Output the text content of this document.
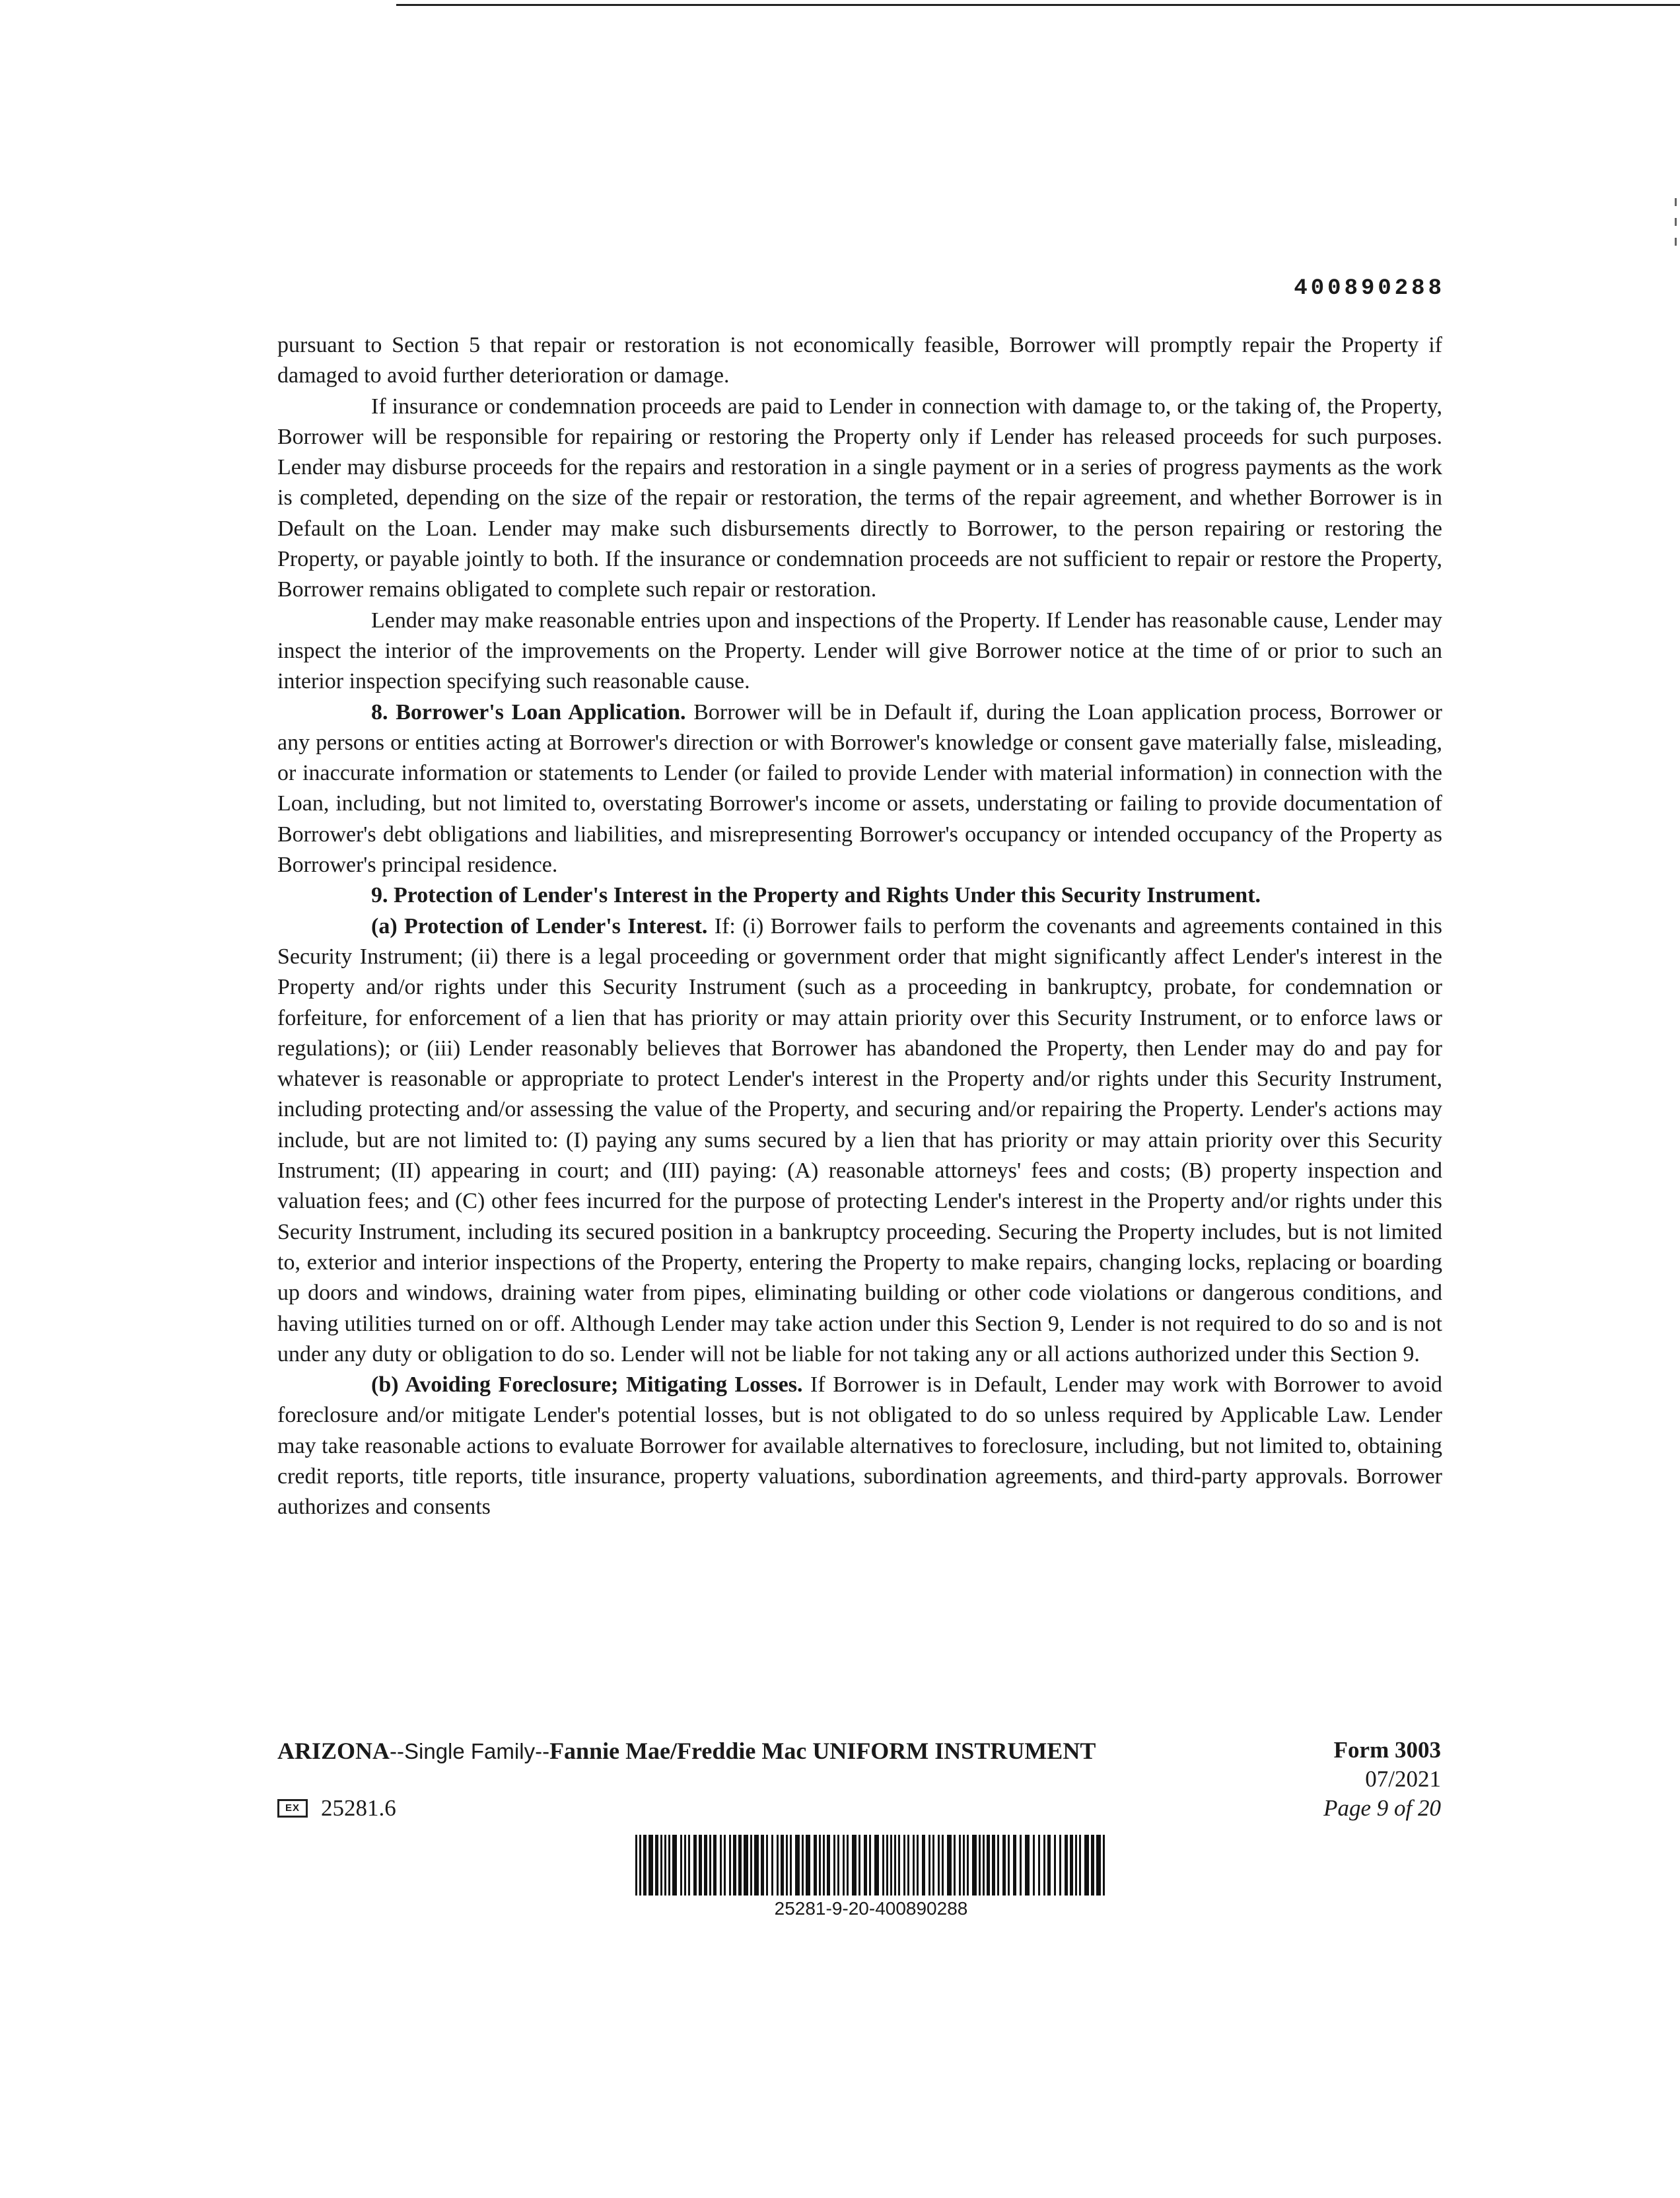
400890288

pursuant to Section 5 that repair or restoration is not economically feasible, Borrower will promptly repair the Property if damaged to avoid further deterioration or damage.

If insurance or condemnation proceeds are paid to Lender in connection with damage to, or the taking of, the Property, Borrower will be responsible for repairing or restoring the Property only if Lender has released proceeds for such purposes. Lender may disburse proceeds for the repairs and restoration in a single payment or in a series of progress payments as the work is completed, depending on the size of the repair or restoration, the terms of the repair agreement, and whether Borrower is in Default on the Loan. Lender may make such disbursements directly to Borrower, to the person repairing or restoring the Property, or payable jointly to both. If the insurance or condemnation proceeds are not sufficient to repair or restore the Property, Borrower remains obligated to complete such repair or restoration.

Lender may make reasonable entries upon and inspections of the Property. If Lender has reasonable cause, Lender may inspect the interior of the improvements on the Property. Lender will give Borrower notice at the time of or prior to such an interior inspection specifying such reasonable cause.

8. Borrower's Loan Application. Borrower will be in Default if, during the Loan application process, Borrower or any persons or entities acting at Borrower's direction or with Borrower's knowledge or consent gave materially false, misleading, or inaccurate information or statements to Lender (or failed to provide Lender with material information) in connection with the Loan, including, but not limited to, overstating Borrower's income or assets, understating or failing to provide documentation of Borrower's debt obligations and liabilities, and misrepresenting Borrower's occupancy or intended occupancy of the Property as Borrower's principal residence.

9. Protection of Lender's Interest in the Property and Rights Under this Security Instrument.

(a) Protection of Lender's Interest. If: (i) Borrower fails to perform the covenants and agreements contained in this Security Instrument; (ii) there is a legal proceeding or government order that might significantly affect Lender's interest in the Property and/or rights under this Security Instrument (such as a proceeding in bankruptcy, probate, for condemnation or forfeiture, for enforcement of a lien that has priority or may attain priority over this Security Instrument, or to enforce laws or regulations); or (iii) Lender reasonably believes that Borrower has abandoned the Property, then Lender may do and pay for whatever is reasonable or appropriate to protect Lender's interest in the Property and/or rights under this Security Instrument, including protecting and/or assessing the value of the Property, and securing and/or repairing the Property. Lender's actions may include, but are not limited to: (I) paying any sums secured by a lien that has priority or may attain priority over this Security Instrument; (II) appearing in court; and (III) paying: (A) reasonable attorneys' fees and costs; (B) property inspection and valuation fees; and (C) other fees incurred for the purpose of protecting Lender's interest in the Property and/or rights under this Security Instrument, including its secured position in a bankruptcy proceeding. Securing the Property includes, but is not limited to, exterior and interior inspections of the Property, entering the Property to make repairs, changing locks, replacing or boarding up doors and windows, draining water from pipes, eliminating building or other code violations or dangerous conditions, and having utilities turned on or off. Although Lender may take action under this Section 9, Lender is not required to do so and is not under any duty or obligation to do so. Lender will not be liable for not taking any or all actions authorized under this Section 9.

(b) Avoiding Foreclosure; Mitigating Losses. If Borrower is in Default, Lender may work with Borrower to avoid foreclosure and/or mitigate Lender's potential losses, but is not obligated to do so unless required by Applicable Law. Lender may take reasonable actions to evaluate Borrower for available alternatives to foreclosure, including, but not limited to, obtaining credit reports, title reports, title insurance, property valuations, subordination agreements, and third-party approvals. Borrower authorizes and consents

ARIZONA--Single Family--Fannie Mae/Freddie Mac UNIFORM INSTRUMENT	Form 3003
07/2021
Page 9 of 20
EX 25281.6
25281-9-20-400890288
